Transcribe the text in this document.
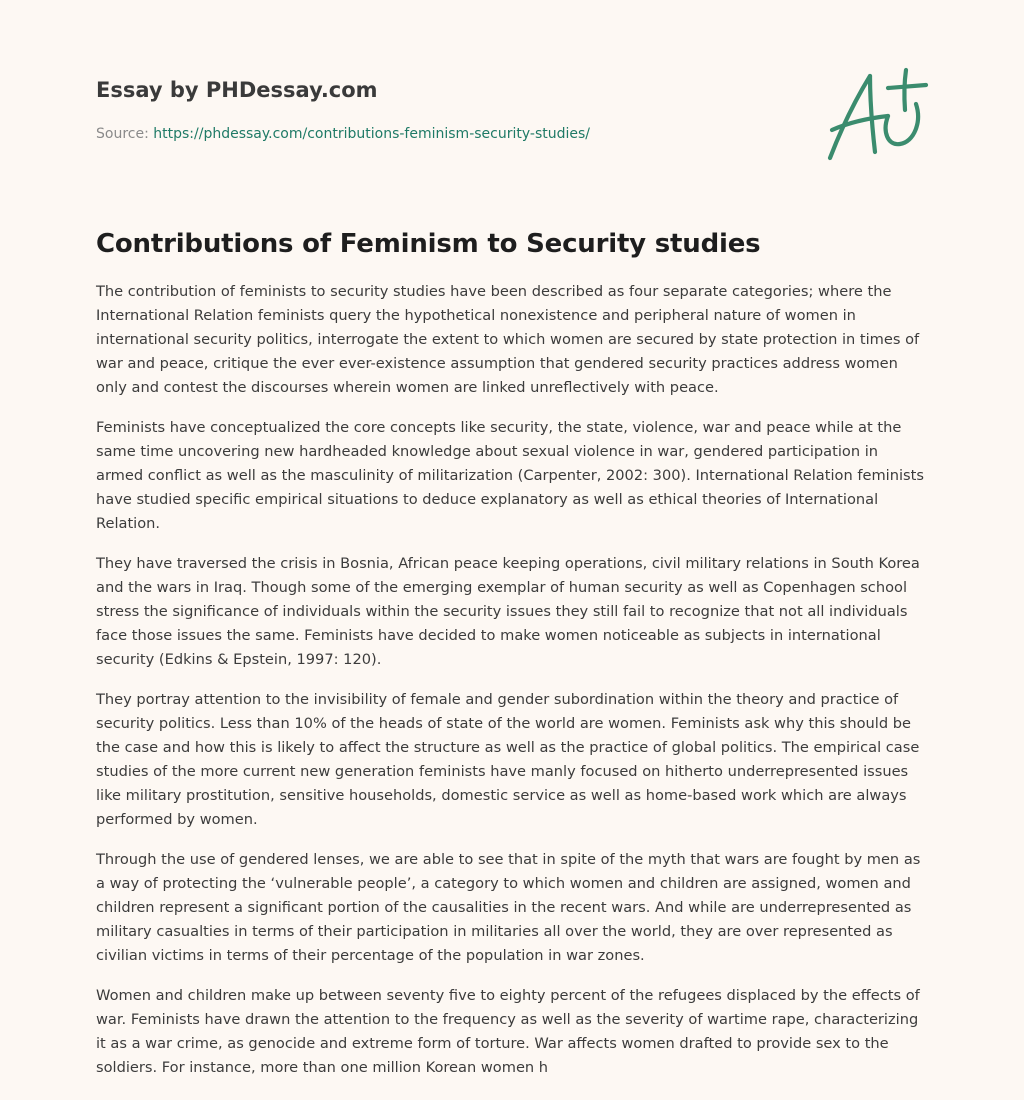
Essay by PHDessay.com
Source: https://phdessay.com/contributions-feminism-security-studies/
Contributions of Feminism to Security studies

The contribution of feminists to security studies have been described as four separate categories; where the International Relation feminists query the hypothetical nonexistence and peripheral nature of women in international security politics, interrogate the extent to which women are secured by state protection in times of war and peace, critique the ever ever-existence assumption that gendered security practices address women only and contest the discourses wherein women are linked unreflectively with peace.

Feminists have conceptualized the core concepts like security, the state, violence, war and peace while at the same time uncovering new hardheaded knowledge about sexual violence in war, gendered participation in armed conflict as well as the masculinity of militarization (Carpenter, 2002: 300). International Relation feminists have studied specific empirical situations to deduce explanatory as well as ethical theories of International Relation.

They have traversed the crisis in Bosnia, African peace keeping operations, civil military relations in South Korea and the wars in Iraq. Though some of the emerging exemplar of human security as well as Copenhagen school stress the significance of individuals within the security issues they still fail to recognize that not all individuals face those issues the same. Feminists have decided to make women noticeable as subjects in international security (Edkins & Epstein, 1997: 120).

They portray attention to the invisibility of female and gender subordination within the theory and practice of security politics. Less than 10% of the heads of state of the world are women. Feminists ask why this should be the case and how this is likely to affect the structure as well as the practice of global politics. The empirical case studies of the more current new generation feminists have manly focused on hitherto underrepresented issues like military prostitution, sensitive households, domestic service as well as home-based work which are always performed by women.

Through the use of gendered lenses, we are able to see that in spite of the myth that wars are fought by men as a way of protecting the ‘vulnerable people’, a category to which women and children are assigned, women and children represent a significant portion of the causalities in the recent wars. And while are underrepresented as military casualties in terms of their participation in militaries all over the world, they are over represented as civilian victims in terms of their percentage of the population in war zones.

Women and children make up between seventy five to eighty percent of the refugees displaced by the effects of war. Feminists have drawn the attention to the frequency as well as the severity of wartime rape, characterizing it as a war crime, as genocide and extreme form of torture. War affects women drafted to provide sex to the soldiers. For instance, more than one million Korean women h
